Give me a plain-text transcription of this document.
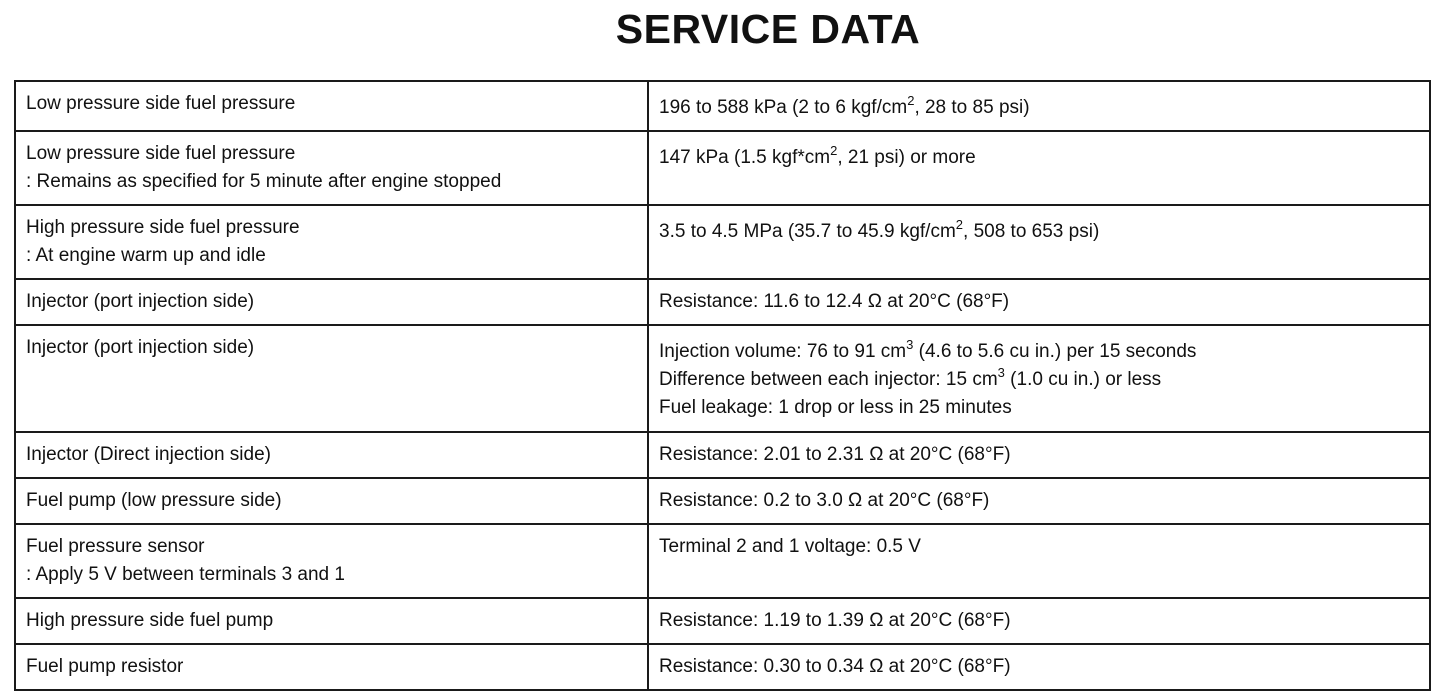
SERVICE DATA
Low pressure side fuel pressure	196 to 588 kPa (2 to 6 kgf/$cm^2$, 28 to 85 psi)

Low pressure side fuel pressure
: Remains as specified for 5 minute after engine stopped	147 kPa (1.5 $kgf*cm^2$, 21 psi) or more

High pressure side fuel pressure
: At engine warm up and idle	3.5 to 4.5 MPa (35.7 to 45.9 kgf/$cm^2$, 508 to 653 psi)

Injector (port injection side)	Resistance: 11.6 to 12.4 Ω at 20°C (68°F)

Injector (port injection side)	Injection volume: 76 to 91 $cm^3$ (4.6 to 5.6 cu in.) per 15 seconds
Difference between each injector: 15 $cm^3$ (1.0 cu in.) or less
Fuel leakage: 1 drop or less in 25 minutes

Injector (Direct injection side)	Resistance: 2.01 to 2.31 Ω at 20°C (68°F)

Fuel pump (low pressure side)	Resistance: 0.2 to 3.0 Ω at 20°C (68°F)

Fuel pressure sensor
: Apply 5 V between terminals 3 and 1	Terminal 2 and 1 voltage: 0.5 V

High pressure side fuel pump	Resistance: 1.19 to 1.39 Ω at 20°C (68°F)

Fuel pump resistor	Resistance: 0.30 to 0.34 Ω at 20°C (68°F)
